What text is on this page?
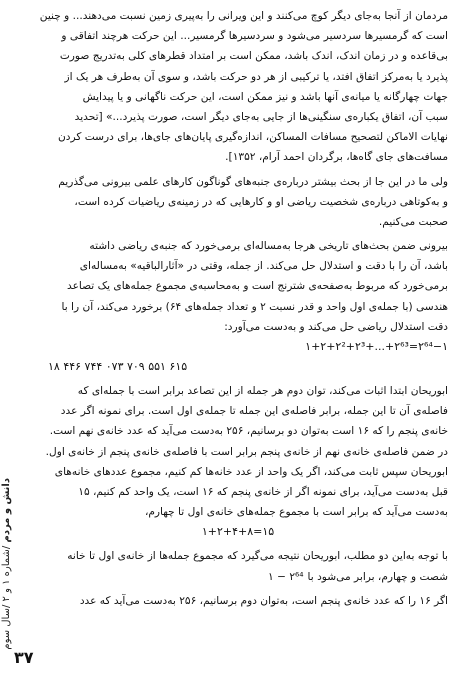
مردمان از آنجا به‌جای دیگر کوچ می‌کنند و این ویرانی را به‌پیری زمین نسبت می‌دهند... و چنین
است که گرمسیرها سردسیر می‌شود و سردسیرها گرمسیر... این حرکت هرچند اتفاقی و
بی‌قاعده و در زمان اندک، اندک باشد، ممکن است بر امتداد قطرهای کلی به‌تدریج صورت
پذیرد یا به‌مرکز اتفاق افتد، یا ترکیبی از هر دو حرکت باشد، و سوی آن به‌طرف هر یک از
جهات چهارگانه یا میانه‌ی آنها باشد و نیز ممکن است، این حرکت ناگهانی و یا پیدایش
سبب آن، اتفاق یکباره‌ی سنگینی‌ها از جایی به‌جای دیگر است، صورت پذیرد...» [تحدید
نهایات الاماکن لتصحیح مسافات المساکن، اندازه‌گیری پایان‌های جای‌ها، برای درست کردن
مسافت‌های جای گاه‌ها، برگردان احمد آرام، ۱۳۵۲].
ولی ما در این جا از بحث بیشتر درباره‌ی جنبه‌های گوناگون کارهای علمی بیرونی می‌گذریم
و به‌کوتاهی درباره‌ی شخصیت ریاضی او و کارهایی که در زمینه‌ی ریاضیات کرده است،
صحبت می‌کنیم.
بیرونی ضمن بحث‌های تاریخی هرجا به‌مساله‌ای برمی‌خورد که جنبه‌ی ریاضی داشته
باشد، آن را با دقت و استدلال حل می‌کند. از جمله، وقتی در «آثارالباقیه» به‌مساله‌ای
برمی‌خورد که مربوط به‌صفحه‌ی شترنج است و به‌محاسبه‌ی مجموع جمله‌های یک تصاعد
هندسی (با جمله‌ی اول واحد و قدر نسبت ۲ و تعداد جمله‌های ۶۴) برخورد می‌کند، آن را با
دقت استدلال ریاضی حل می‌کند و به‌دست می‌آورد:
۱+۲+۲²+۲³+...+۲⁶³=۲⁶⁴−۱
۱۸ ۴۴۶ ۷۴۴ ۰۷۳ ۷۰۹ ۵۵۱ ۶۱۵
ابوریحان ابتدا اثبات می‌کند، توان دوم هر جمله از این تصاعد برابر است با جمله‌ای که
فاصله‌ی آن تا این جمله، برابر فاصله‌ی این جمله تا جمله‌ی اول است. برای نمونه اگر عدد
خانه‌ی پنجم را که ۱۶ است به‌توان دو برسانیم، ۲۵۶ به‌دست می‌آید که عدد خانه‌ی نهم است.
در ضمن فاصله‌ی خانه‌ی نهم از خانه‌ی پنجم برابر است با فاصله‌ی خانه‌ی پنجم از خانه‌ی اول.
ابوریحان سپس ثابت می‌کند، اگر یک واحد از عدد خانه‌ها کم کنیم، مجموع عددهای خانه‌های
قبل به‌دست می‌آید، برای نمونه اگر از خانه‌ی پنجم که ۱۶ است، یک واحد کم کنیم، ۱۵
به‌دست می‌آید که برابر است با مجموع جمله‌های خانه‌ی اول تا چهارم،
۱+۲+۴+۸=۱۵
با توجه به‌این دو مطلب، ابوریحان نتیجه می‌گیرد که مجموع جمله‌ها از خانه‌ی اول تا خانه
شصت و چهارم، برابر می‌شود با۱ − ۲⁶⁴
اگر ۱۶ را که عدد خانه‌ی پنجم است، به‌توان دوم برسانیم، ۲۵۶ به‌دست می‌آید که عدد
دانش و مردم /شماره ۱ و ۲ /سال سوم
۳۷
